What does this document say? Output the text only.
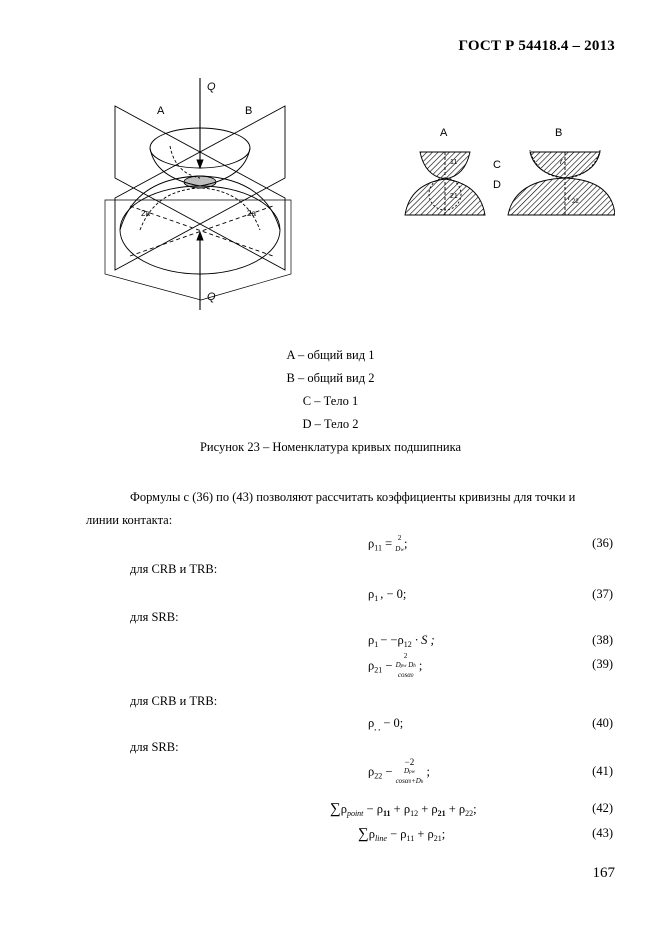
ГОСТ Р 54418.4 – 2013
A	B
Q
Q
2a	2a
A	B
C
D
11
21
r
r 22
A – общий вид 1
B – общий вид 2
C – Тело 1
D – Тело 2
Рисунок 23 – Номенклатура кривых подшипника
Формулы с (36) по (43) позволяют рассчитать коэффициенты кривизны для точки и
линии контакта:
$\rho_{11} = 2$
Dw;	(36)
для CRB и TRB:
$\rho_1$ , − 0;	(37)
для SRB:
$\rho_1 - -\rho_{12} \cdot S$ ;	(38)
$\rho_{21}$ −
2
Dpw Dh
cosα0
;	(39)
для CRB и TRB:
$\rho_{, ,} - 0$;	(40)
для SRB:
$\rho_{22}$ −
−2
Dpw
cosα0+Dh
;	(41)
$\sum\rho_{point} - \rho_{11} + \rho_{12} + \rho_{21} + \rho_{22}$;	(42)
$\sum\rho_{line} - \rho_{11} + \rho_{21}$;	(43)
167
